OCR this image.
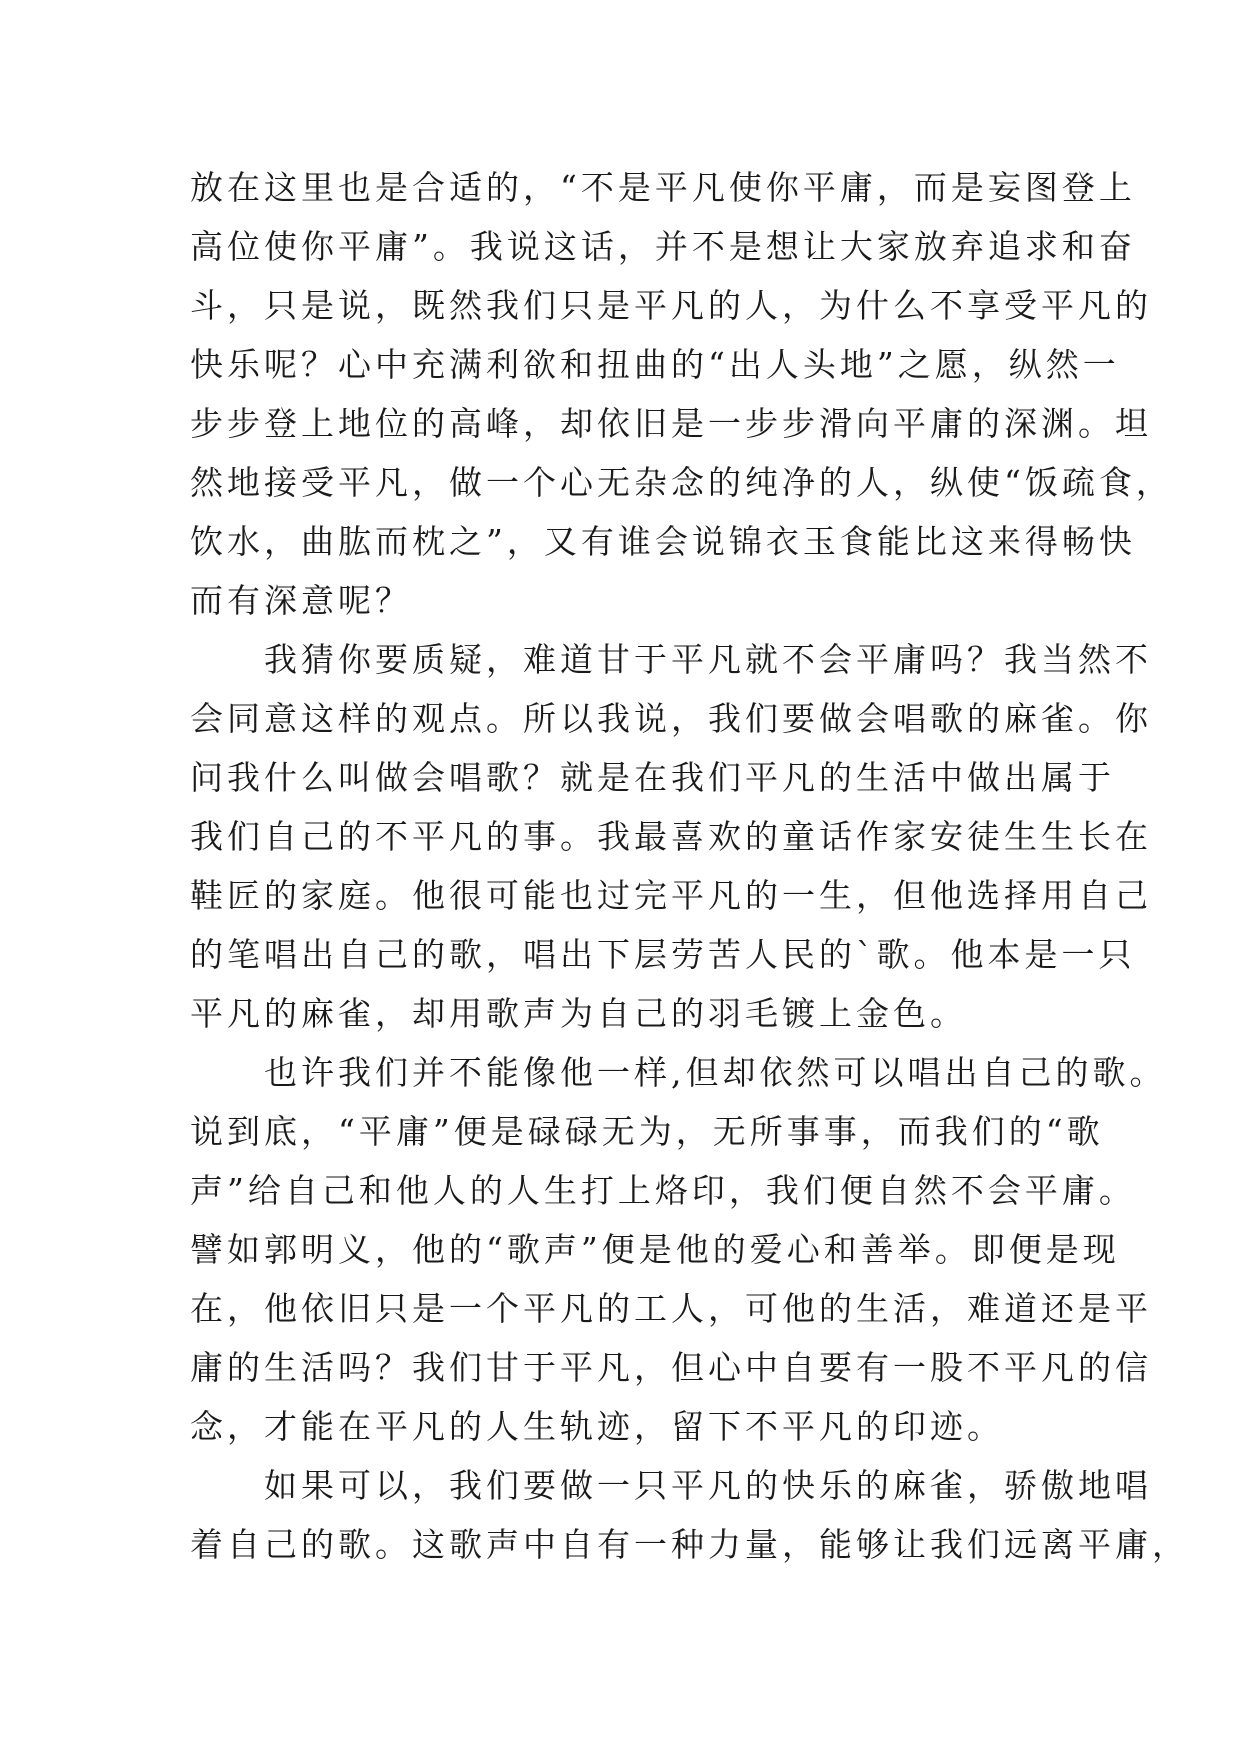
放在这里也是合适的，“不是平凡使你平庸，而是妄图登上
高位使你平庸”。我说这话，并不是想让大家放弃追求和奋
斗，只是说，既然我们只是平凡的人，为什么不享受平凡的
快乐呢？心中充满利欲和扭曲的“出人头地”之愿，纵然一
步步登上地位的高峰，却依旧是一步步滑向平庸的深渊。坦
然地接受平凡，做一个心无杂念的纯净的人，纵使“饭疏食，
饮水，曲肱而枕之”，又有谁会说锦衣玉食能比这来得畅快
而有深意呢？
我猜你要质疑，难道甘于平凡就不会平庸吗？我当然不
会同意这样的观点。所以我说，我们要做会唱歌的麻雀。你
问我什么叫做会唱歌？就是在我们平凡的生活中做出属于
我们自己的不平凡的事。我最喜欢的童话作家安徒生生长在
鞋匠的家庭。他很可能也过完平凡的一生，但他选择用自己
的笔唱出自己的歌，唱出下层劳苦人民的`歌。他本是一只
平凡的麻雀，却用歌声为自己的羽毛镀上金色。
也许我们并不能像他一样,但却依然可以唱出自己的歌。
说到底，“平庸”便是碌碌无为，无所事事，而我们的“歌
声”给自己和他人的人生打上烙印，我们便自然不会平庸。
譬如郭明义，他的“歌声”便是他的爱心和善举。即便是现
在，他依旧只是一个平凡的工人，可他的生活，难道还是平
庸的生活吗？我们甘于平凡，但心中自要有一股不平凡的信
念，才能在平凡的人生轨迹，留下不平凡的印迹。
如果可以，我们要做一只平凡的快乐的麻雀，骄傲地唱
着自己的歌。这歌声中自有一种力量，能够让我们远离平庸，
